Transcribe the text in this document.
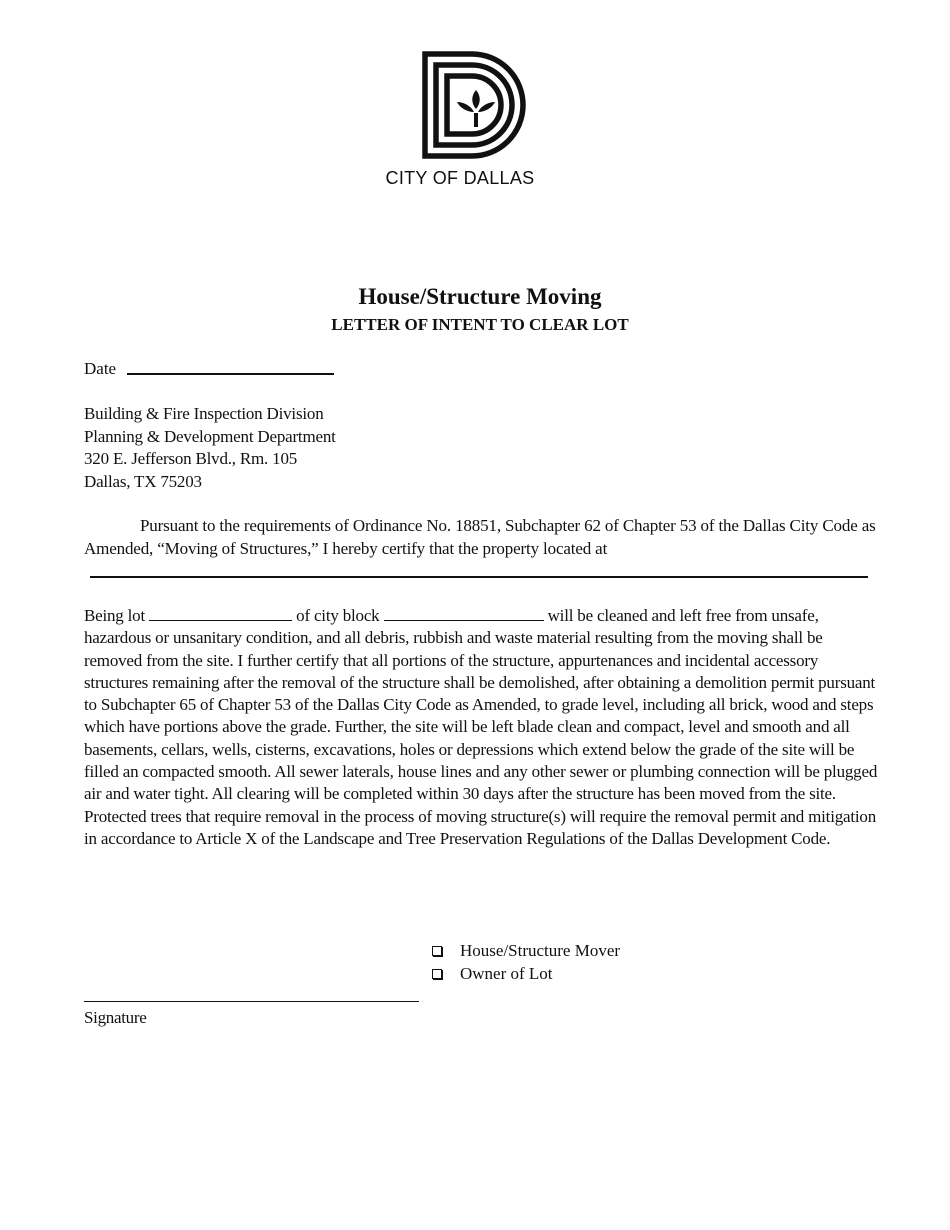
CITY OF DALLAS
House/Structure Moving
LETTER OF INTENT TO CLEAR LOT
Date
Building & Fire Inspection Division
Planning & Development Department
320 E. Jefferson Blvd., Rm. 105
Dallas, TX 75203
Pursuant to the requirements of Ordinance No. 18851, Subchapter 62 of Chapter 53 of the Dallas City Code as Amended, “Moving of Structures,” I hereby certify that the property located at
Being lot	of city block	will be cleaned and left free from unsafe, hazardous or unsanitary condition, and all debris, rubbish and waste material resulting from the moving shall be removed from the site. I further certify that all portions of the structure, appurtenances and incidental accessory structures remaining after the removal of the structure shall be demolished, after obtaining a demolition permit pursuant to Subchapter 65 of Chapter 53 of the Dallas City Code as Amended, to grade level, including all brick, wood and steps which have portions above the grade. Further, the site will be left blade clean and compact, level and smooth and all basements, cellars, wells, cisterns, excavations, holes or depressions which extend below the grade of the site will be filled an compacted smooth. All sewer laterals, house lines and any other sewer or plumbing connection will be plugged air and water tight. All clearing will be completed within 30 days after the structure has been moved from the site. Protected trees that require removal in the process of moving structure(s) will require the removal permit and mitigation in accordance to Article X of the Landscape and Tree Preservation Regulations of the Dallas Development Code.
House/Structure Mover
Owner of Lot
Signature
